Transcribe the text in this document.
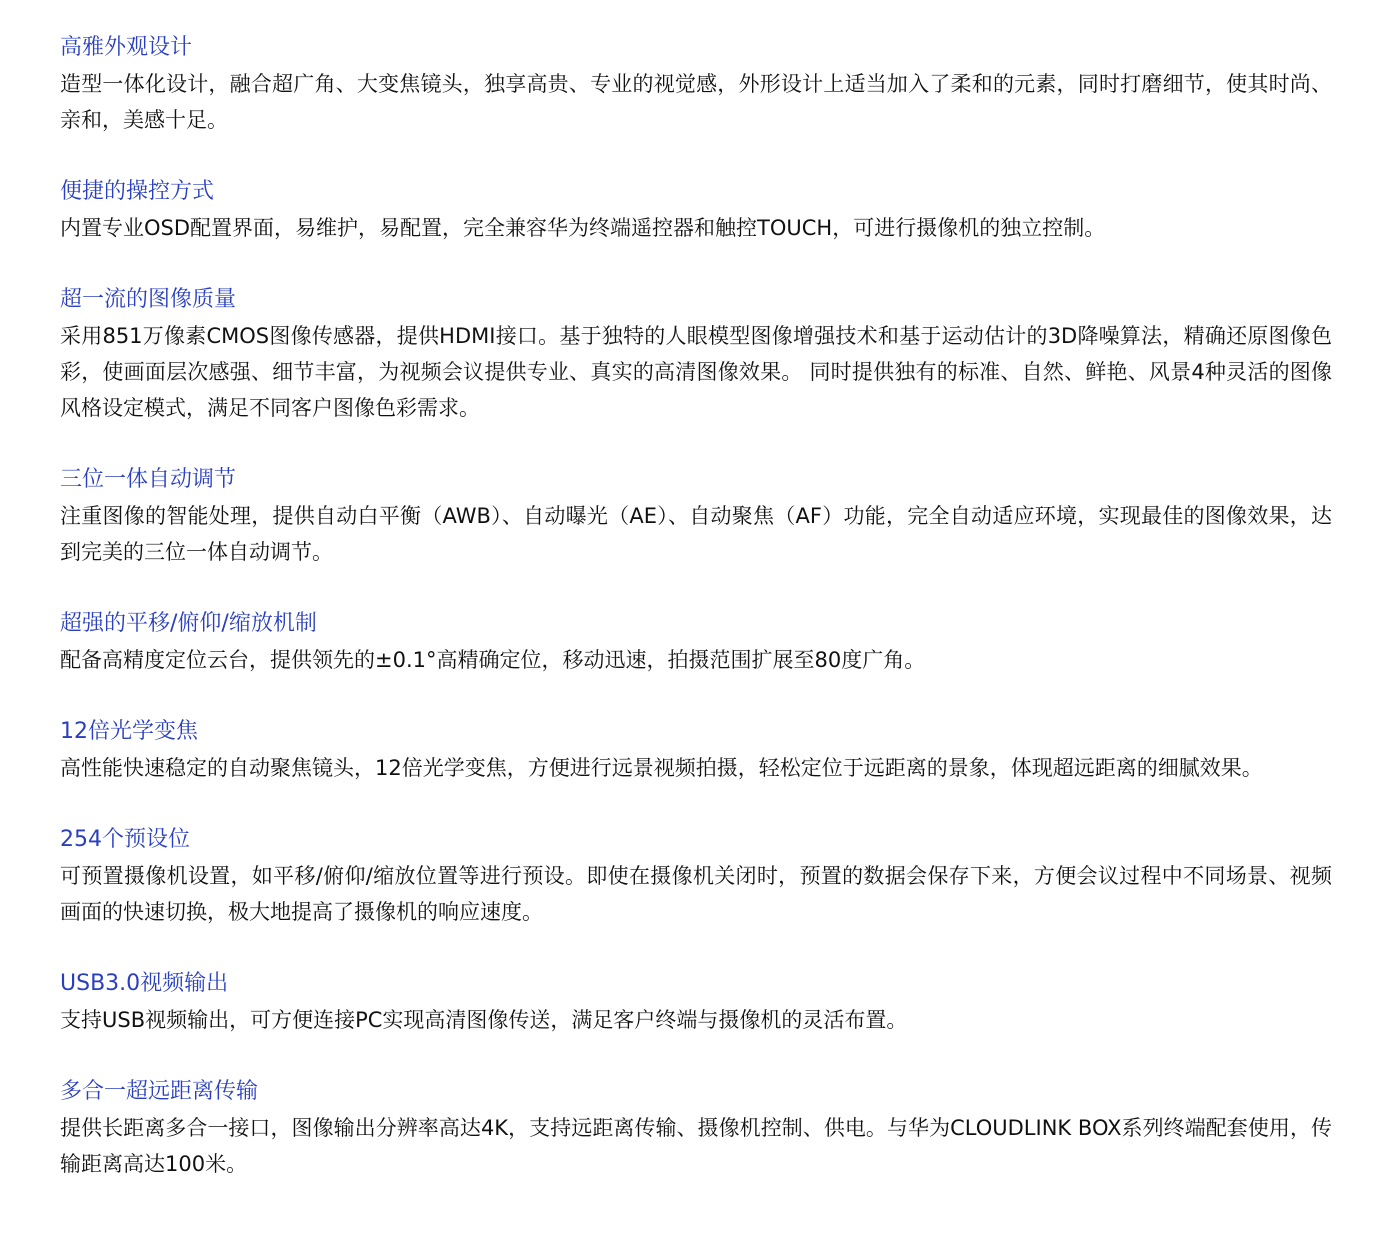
高雅外观设计

造型一体化设计，融合超广角、大变焦镜头，独享高贵、专业的视觉感，外形设计上适当加入了柔和的元素，同时打磨细节，使其时尚、亲和，美感十足。

便捷的操控方式

内置专业OSD配置界面，易维护，易配置，完全兼容华为终端遥控器和触控TOUCH，可进行摄像机的独立控制。

超一流的图像质量

采用851万像素CMOS图像传感器，提供HDMI接口。基于独特的人眼模型图像增强技术和基于运动估计的3D降噪算法，精确还原图像色彩，使画面层次感强、细节丰富，为视频会议提供专业、真实的高清图像效果。 同时提供独有的标准、自然、鲜艳、风景4种灵活的图像风格设定模式，满足不同客户图像色彩需求。

三位一体自动调节

注重图像的智能处理，提供自动白平衡（AWB）、自动曝光（AE）、自动聚焦（AF）功能，完全自动适应环境，实现最佳的图像效果，达到完美的三位一体自动调节。

超强的平移/俯仰/缩放机制

配备高精度定位云台，提供领先的±0.1°高精确定位，移动迅速，拍摄范围扩展至80度广角。

12倍光学变焦

高性能快速稳定的自动聚焦镜头，12倍光学变焦，方便进行远景视频拍摄，轻松定位于远距离的景象，体现超远距离的细腻效果。

254个预设位

可预置摄像机设置，如平移/俯仰/缩放位置等进行预设。即使在摄像机关闭时，预置的数据会保存下来，方便会议过程中不同场景、视频画面的快速切换，极大地提高了摄像机的响应速度。

USB3.0视频输出

支持USB视频输出，可方便连接PC实现高清图像传送，满足客户终端与摄像机的灵活布置。

多合一超远距离传输

提供长距离多合一接口，图像输出分辨率高达4K，支持远距离传输、摄像机控制、供电。与华为CLOUDLINK BOX系列终端配套使用，传输距离高达100米。
